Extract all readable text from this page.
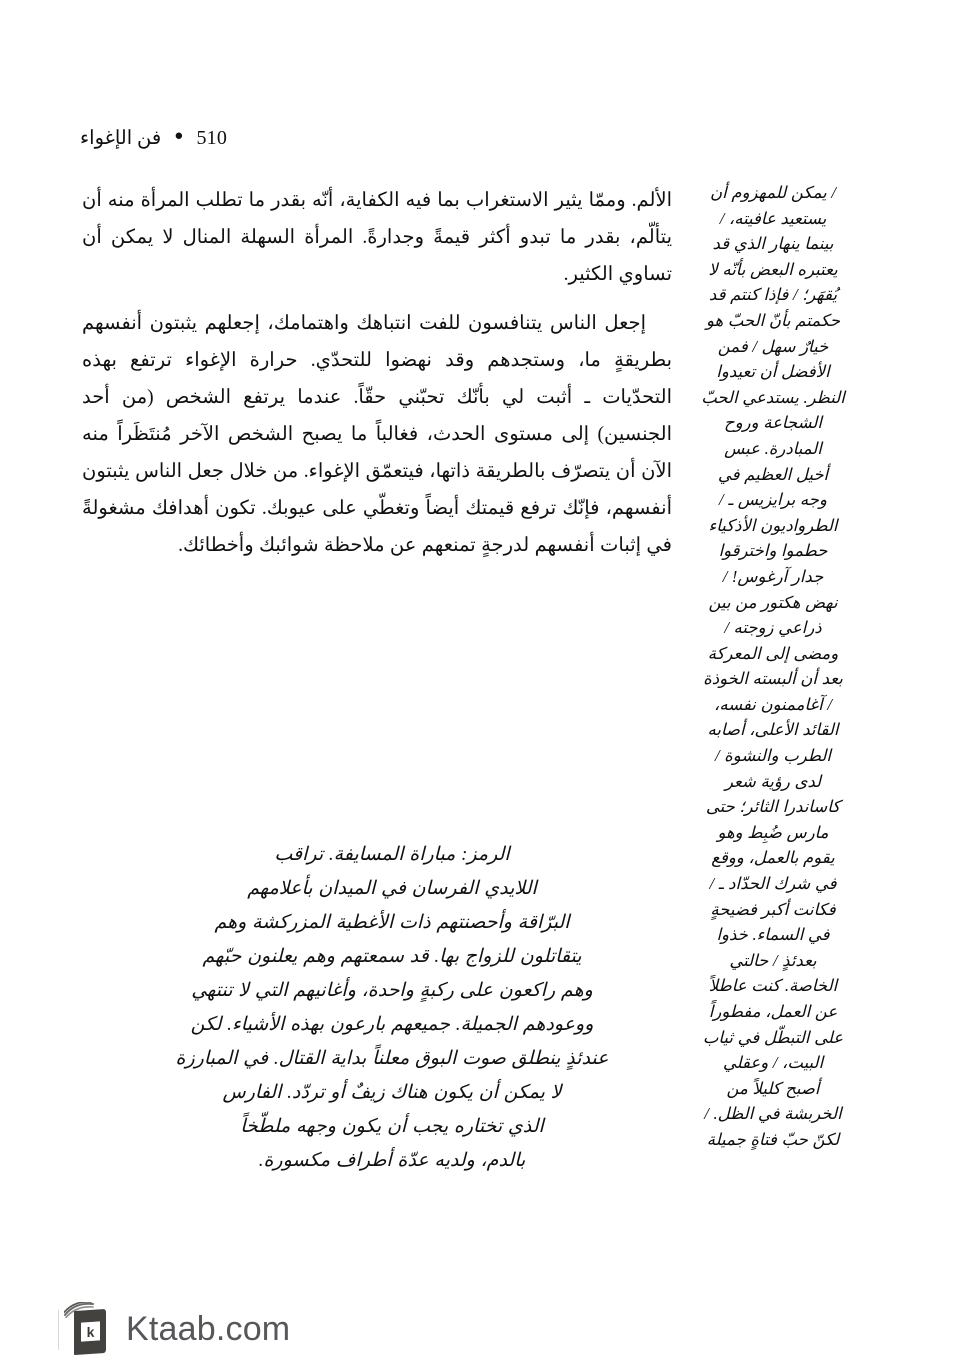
510
●
فن الإغواء

الألم. وممّا يثير الاستغراب بما فيه الكفاية، أنّه بقدر ما تطلب المرأة منه أن يتألّم، بقدر ما تبدو أكثر قيمةً وجدارةً. المرأة السهلة المنال لا يمكن أن تساوي الكثير.

إجعل الناس يتنافسون للفت انتباهك واهتمامك، إجعلهم يثبتون أنفسهم بطريقةٍ ما، وستجدهم وقد نهضوا للتحدّي. حرارة الإغواء ترتفع بهذه التحدّيات ـ أثبت لي بأنّك تحبّني حقّاً. عندما يرتفع الشخص (من أحد الجنسين) إلى مستوى الحدث، فغالباً ما يصبح الشخص الآخر مُنتَظَراً منه الآن أن يتصرّف بالطريقة ذاتها، فيتعمّق الإغواء. من خلال جعل الناس يثبتون أنفسهم، فإنّك ترفع قيمتك أيضاً وتغطّي على عيوبك. تكون أهدافك مشغولةً في إثبات أنفسهم لدرجةٍ تمنعهم عن ملاحظة شوائبك وأخطائك.

الرمز: مباراة المسايفة. تراقب

اللايدي الفرسان في الميدان بأعلامهم

البرّاقة وأحصنتهم ذات الأغطية المزركشة وهم

يتقاتلون للزواج بها. قد سمعتهم وهم يعلنون حبّهم

وهم راكعون على ركبةٍ واحدة، وأغانيهم التي لا تنتهي

ووعودهم الجميلة. جميعهم بارعون بهذه الأشياء. لكن

عندئذٍ ينطلق صوت البوق معلناً بداية القتال. في المبارزة

لا يمكن أن يكون هناك زيفٌ أو تردّد. الفارس

الذي تختاره يجب أن يكون وجهه ملطّخاً

بالدم، ولديه عدّة أطراف مكسورة.

/ يمكن للمهزوم أن

يستعيد عافيته، /

بينما ينهار الذي قد

يعتبره البعض بأنّه لا

يُقهَر؛ / فإذا كنتم قد

حكمتم بأنّ الحبّ هو

خيارٌ سهل / فمن

الأفضل أن تعيدوا

النظر. يستدعي الحبّ

الشجاعة وروح

المبادرة. عبس

أخيل العظيم في

وجه برايزيس ـ /

الطرواديون الأذكياء

حطموا واخترقوا

جدار آرغوس! /

نهض هكتور من بين

ذراعي زوجته /

ومضى إلى المعركة

بعد أن ألبسته الخوذة

/ آغاممنون نفسه،

القائد الأعلى، أصابه

الطرب والنشوة /

لدى رؤية شعر

كاساندرا الثائر؛ حتى

مارس ضُبِط وهو

يقوم بالعمل، ووقع

في شرك الحدّاد ـ /

فكانت أكبر فضيحةٍ

في السماء. خذوا

بعدئذٍ / حالتي

الخاصة. كنت عاطلاً

عن العمل، مفطوراً

على التبطّل في ثياب

البيت، / وعقلي

أصبح كليلاً من

الخربشة في الظل. /

لكنّ حبّ فتاةٍ جميلة

k Ktaab.com
